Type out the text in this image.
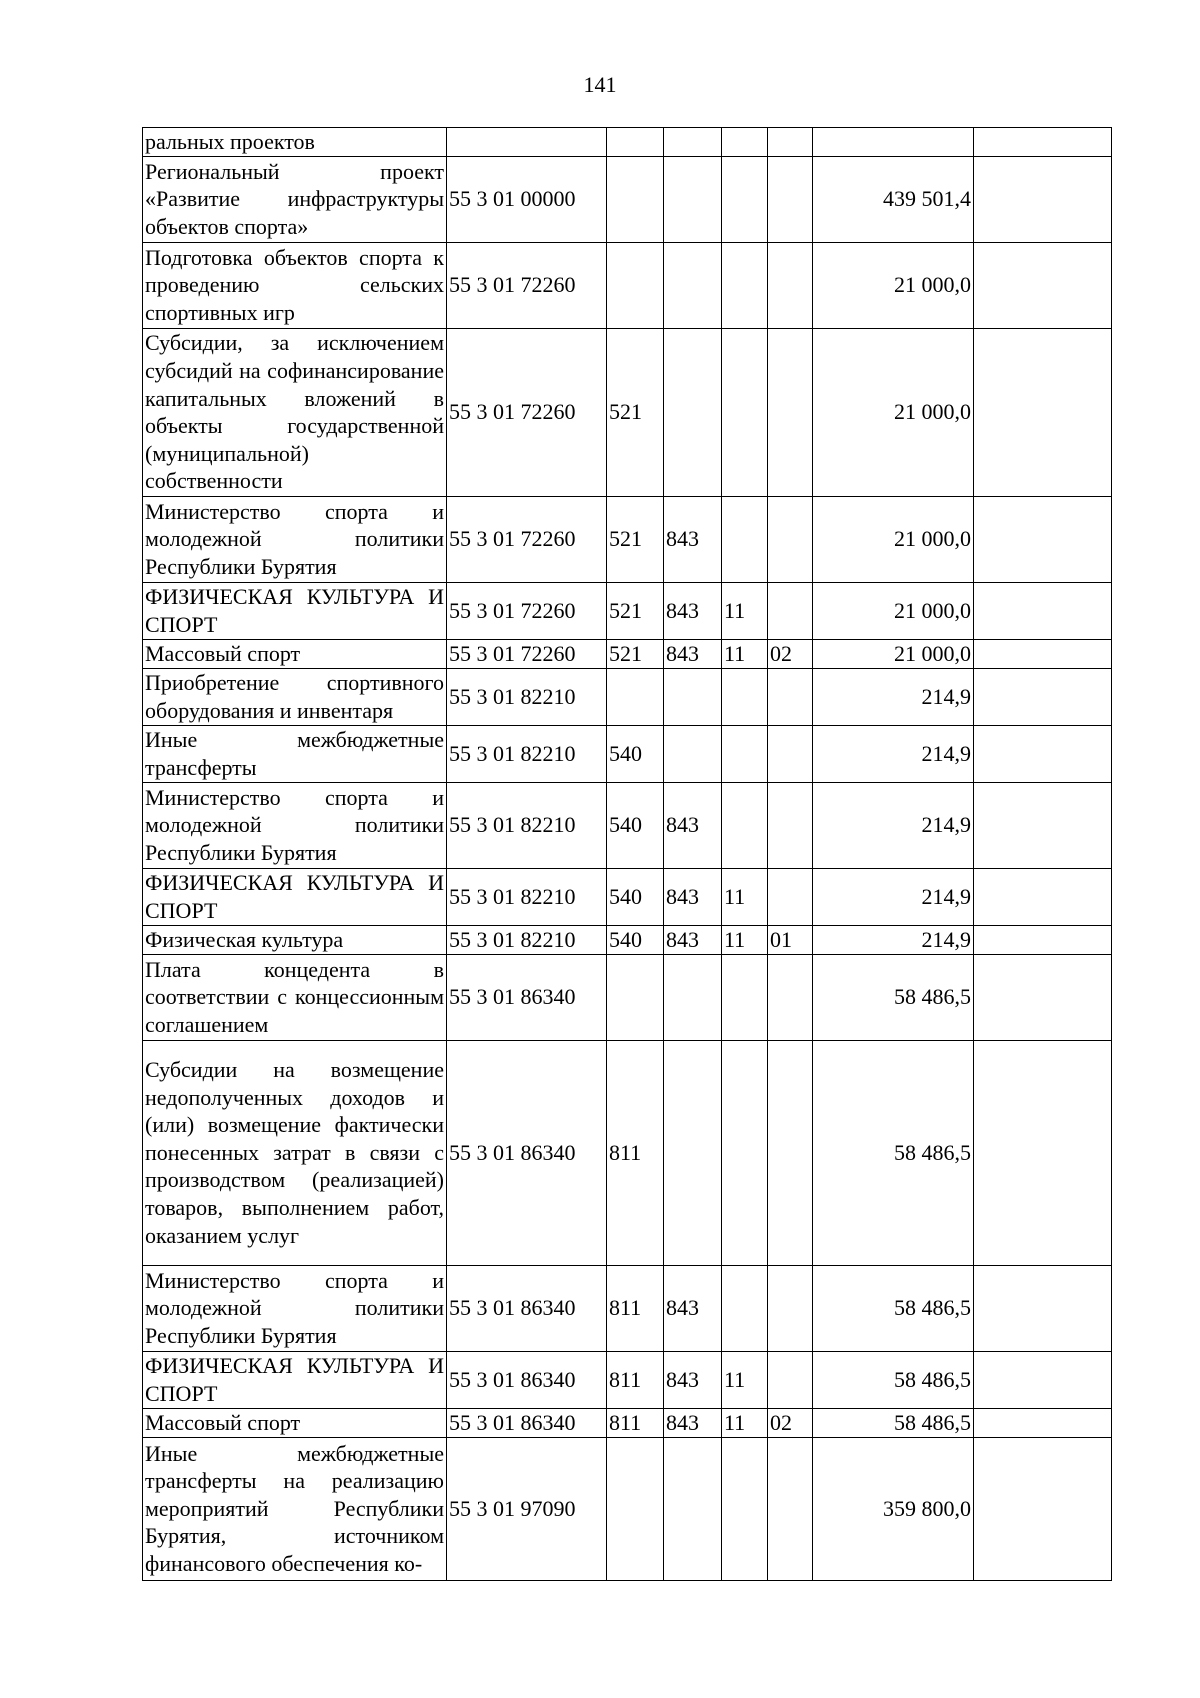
141
ральных проектов							
Региональный проект «Развитие инфраструктуры объектов спорта»	55 3 01 00000					439 501,4	
Подготовка объектов спорта к проведению сельских спортивных игр	55 3 01 72260					21 000,0	
Субсидии, за исключением субсидий на софинансирование капитальных вложений в объекты государственной (муниципальной) собственности	55 3 01 72260	521				21 000,0	
Министерство спорта и молодежной политики Республики Бурятия	55 3 01 72260	521	843			21 000,0	
ФИЗИЧЕСКАЯ КУЛЬТУРА И СПОРТ	55 3 01 72260	521	843	11		21 000,0	
Массовый спорт	55 3 01 72260	521	843	11	02	21 000,0	
Приобретение спортивного оборудования и инвентаря	55 3 01 82210					214,9	
Иные межбюджетные трансферты	55 3 01 82210	540				214,9	
Министерство спорта и молодежной политики Республики Бурятия	55 3 01 82210	540	843			214,9	
ФИЗИЧЕСКАЯ КУЛЬТУРА И СПОРТ	55 3 01 82210	540	843	11		214,9	
Физическая культура	55 3 01 82210	540	843	11	01	214,9	
Плата концедента в соответствии с концессионным соглашением	55 3 01 86340					58 486,5	
Субсидии на возмещение недополученных доходов и (или) возмещение фактически понесенных затрат в связи с производством (реализацией) товаров, выполнением работ, оказанием услуг	55 3 01 86340	811				58 486,5	
Министерство спорта и молодежной политики Республики Бурятия	55 3 01 86340	811	843			58 486,5	
ФИЗИЧЕСКАЯ КУЛЬТУРА И СПОРТ	55 3 01 86340	811	843	11		58 486,5	
Массовый спорт	55 3 01 86340	811	843	11	02	58 486,5	
Иные межбюджетные трансферты на реализацию мероприятий Республики Бурятия, источником финансового обеспечения ко-	55 3 01 97090					359 800,0	
